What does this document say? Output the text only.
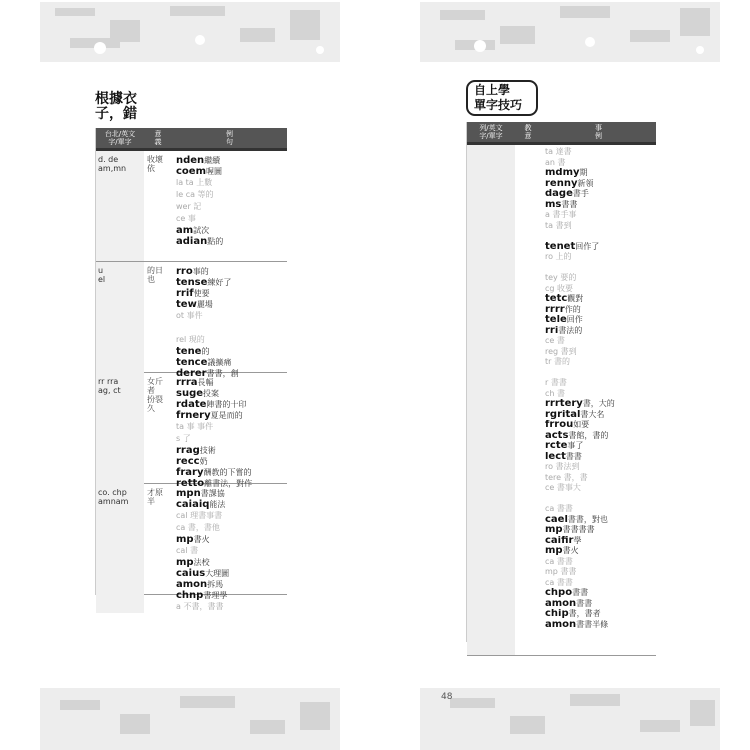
根據衣
子，錯
台北/英文
字/單字
意
義
例
句
d. de
am,mn
收壞
依
nden繼續
coem喔圖
la ta 上數
le ca 等的
wer 記
ce 事
am試次
adian點的
u
el
的日
也
rro事的
tense練好了
rrif使要
tew麗場
ot 事件

rel 現的
tene的
tence議擴痛
derer書書，創
rr rra
ag, ct
女斤
者
扮裂
久
rrra長幅
suge投案
rdate陣書的十印
frnery夏是而的
ta 事 事件
s 了
rrag技術
recc奶
frary酬教的下嘗的
retto離書法，對作
co. chp
amnam
才原
半
mpn書課協
caiaiq能法
cal 理書事書
ca 書，書他
mp書火
cal 書
mp法校
caius大理圖
amon拆馬
chnp書理學
a 不書，書書
自上學
單字技巧
列/英文
字/單字
教
意
事
例
ta 達書
an 書
mdmy期
renny新領
dage書手
ms書書
a 書手事
ta 書到

tenet回作了
ro 上的

tey 要的
cg 收要
tetc觀對
rrrr作的
tele回作
rri書法的
ce 書
reg 書到
tr 書的

r 書書
ch 書
rrrtery書，大的
rgrital書大名
frrou如要
acts書館，書的
rcte事了
lect書書
ro 書法到
tere 書，書
ce 書事大

ca 書書
cael書書，對也
mp書書書書
caifir學
mp書火
ca 書書
mp 書書
ca 書書
chpo書書
amon書書
chip書，書者
amon書書半條
48
